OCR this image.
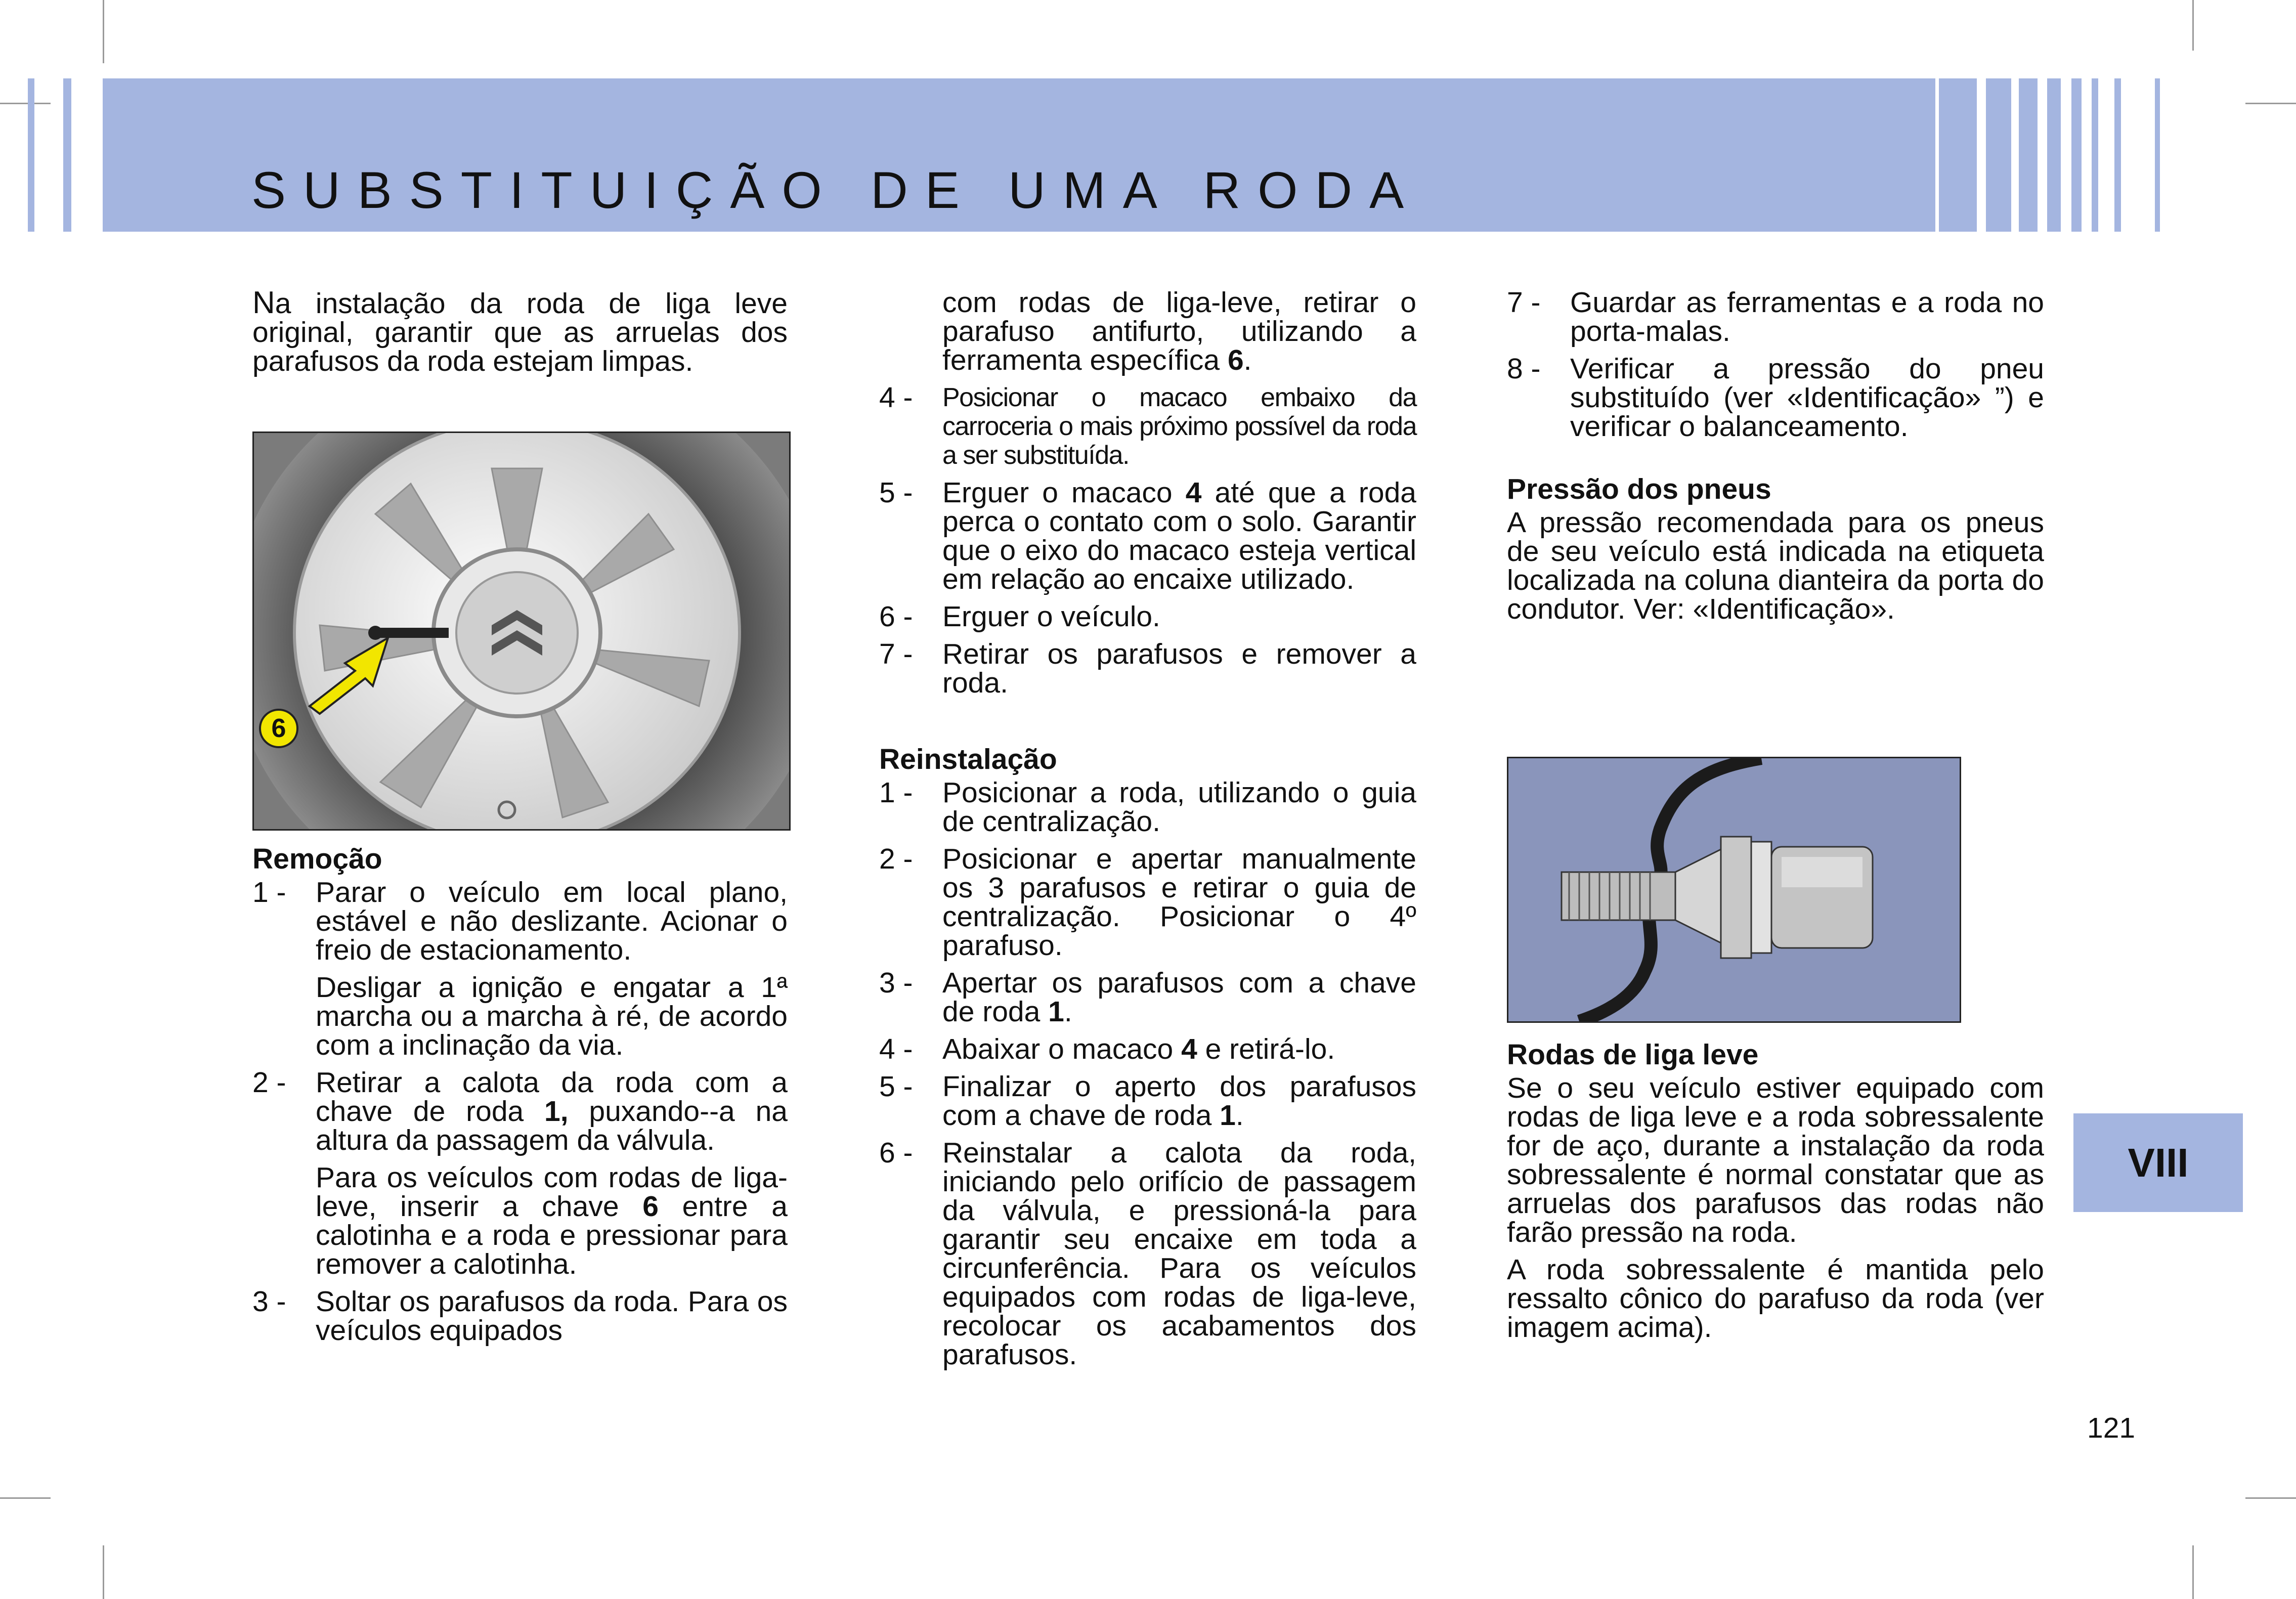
SUBSTITUIÇÃO DE UMA RODA

Na instalação da roda de liga leve original, garantir que as arruelas dos parafusos da roda estejam limpas.

6
Remoção
1 -	Parar o veículo em local plano, estável e não deslizante. Acionar o freio de estacionamento.

Desligar a ignição e engatar a 1ª marcha ou a marcha à ré, de acordo com a inclinação da via.

2 -	Retirar a calota da roda com a chave de roda 1, puxando--a na altura da passagem da válvula.

Para os veículos com rodas de liga-leve, inserir a chave 6 entre a calotinha e a roda e pressionar para remover a calotinha.

3 -	Soltar os parafusos da roda. Para os veículos equipados

com rodas de liga-leve, retirar o parafuso antifurto, utilizando a ferramenta específica 6.

4 -	Posicionar o macaco embaixo da carroceria o mais próximo possível da roda a ser substituída.
5 -	Erguer o macaco 4 até que a roda perca o contato com o solo. Garantir que o eixo do macaco esteja vertical em relação ao encaixe utilizado.
6 -	Erguer o veículo.
7 -	Retirar os parafusos e remover a roda.
Reinstalação
1 -	Posicionar a roda, utilizando o guia de centralização.
2 -	Posicionar e apertar manualmente os 3 parafusos e retirar o guia de centralização. Posicionar o 4º parafuso.
3 -	Apertar os parafusos com a chave de roda 1.
4 -	Abaixar o macaco 4 e retirá-lo.
5 -	Finalizar o aperto dos parafusos com a chave de roda 1.
6 -	Reinstalar a calota da roda, iniciando pelo orifício de passagem da válvula, e pressioná-la para garantir seu encaixe em toda a circunferência. Para os veículos equipados com rodas de liga-leve, recolocar os acabamentos dos parafusos.
7 -	Guardar as ferramentas e a roda no porta-malas.
8 -	Verificar a pressão do pneu substituído (ver «Identificação» ”) e verificar o balanceamento.
Pressão dos pneus

A pressão recomendada para os pneus de seu veículo está indicada na etiqueta localizada na coluna dianteira da porta do condutor. Ver: «Identificação».

Rodas de liga leve

Se o seu veículo estiver equipado com rodas de liga leve e a roda sobressalente for de aço, durante a instalação da roda sobressalente é normal constatar que as arruelas dos parafusos das rodas não farão pressão na roda.

A roda sobressalente é mantida pelo ressalto cônico do parafuso da roda (ver imagem acima).

VIII
121
